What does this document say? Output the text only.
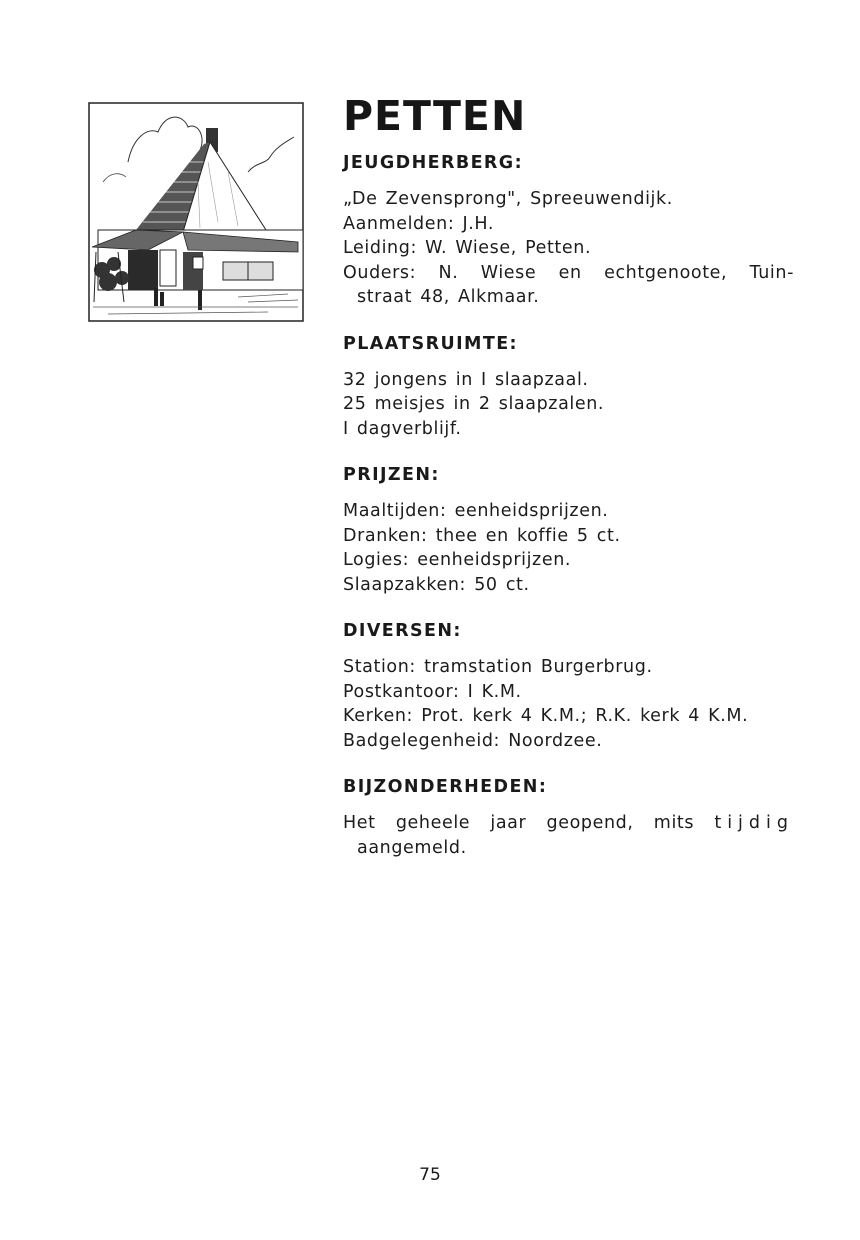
PETTEN
JEUGDHERBERG:
„De Zevensprong", Spreeuwendijk.
Aanmelden: J.H.
Leiding: W. Wiese, Petten.
Ouders: N. Wiese en echtgenoote, Tuin-
straat 48, Alkmaar.
PLAATSRUIMTE:
32 jongens in I slaapzaal.
25 meisjes in 2 slaapzalen.
I dagverblijf.
PRIJZEN:
Maaltijden: eenheidsprijzen.
Dranken: thee en koffie 5 ct.
Logies: eenheidsprijzen.
Slaapzakken: 50 ct.
DIVERSEN:
Station: tramstation Burgerbrug.
Postkantoor: I K.M.
Kerken: Prot. kerk 4 K.M.; R.K. kerk 4 K.M.
Badgelegenheid: Noordzee.
BIJZONDERHEDEN:
Het geheele jaar geopend, mits tijdig
aangemeld.
75
